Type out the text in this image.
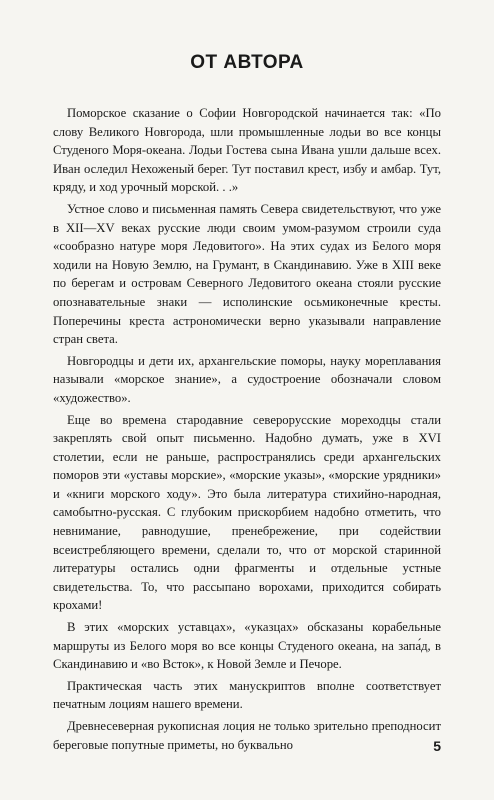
ОТ АВТОРА

Поморское сказание о Софии Новгородской начинается так: «По слову Великого Новгорода, шли промышленные лодьи во все концы Студеного Моря-океана. Лодьи Гостева сына Ивана ушли дальше всех. Иван оследил Нехоженый берег. Тут поставил крест, избу и амбар. Тут, кряду, и ход урочный морской. . .»

Устное слово и письменная память Севера свидетельствуют, что уже в XII—XV веках русские люди своим умом-разумом строили суда «сообразно натуре моря Ледовитого». На этих судах из Белого моря ходили на Новую Землю, на Грумант, в Скандинавию. Уже в XIII веке по берегам и островам Северного Ледовитого океана стояли русские опознавательные знаки — исполинские осьмиконечные кресты. Поперечины креста астрономически верно указывали направление стран света.

Новгородцы и дети их, архангельские поморы, науку мореплавания называли «морское знание», а судостроение обозначали словом «художество».

Еще во времена стародавние северорусские мореходцы стали закреплять свой опыт письменно. Надобно думать, уже в XVI столетии, если не раньше, распространялись среди архангельских поморов эти «уставы морские», «морские указы», «морские урядники» и «книги морского ходу». Это была литература стихийно-народная, самобытно-русская. С глубоким прискорбием надобно отметить, что невнимание, равнодушие, пренебрежение, при содействии всеистребляющего времени, сделали то, что от морской старинной литературы остались одни фрагменты и отдельные устные свидетельства. То, что рассыпано ворохами, приходится собирать крохами!

В этих «морских уставцах», «указцах» обсказаны корабельные маршруты из Белого моря во все концы Студеного океана, на запа́д, в Скандинавию и «во Вcток», к Новой Земле и Печоре.

Практическая часть этих манускриптов вполне соответствует печатным лоциям нашего времени.

Древнесеверная рукописная лоция не только зрительно преподносит береговые попутные приметы, но буквально	5
